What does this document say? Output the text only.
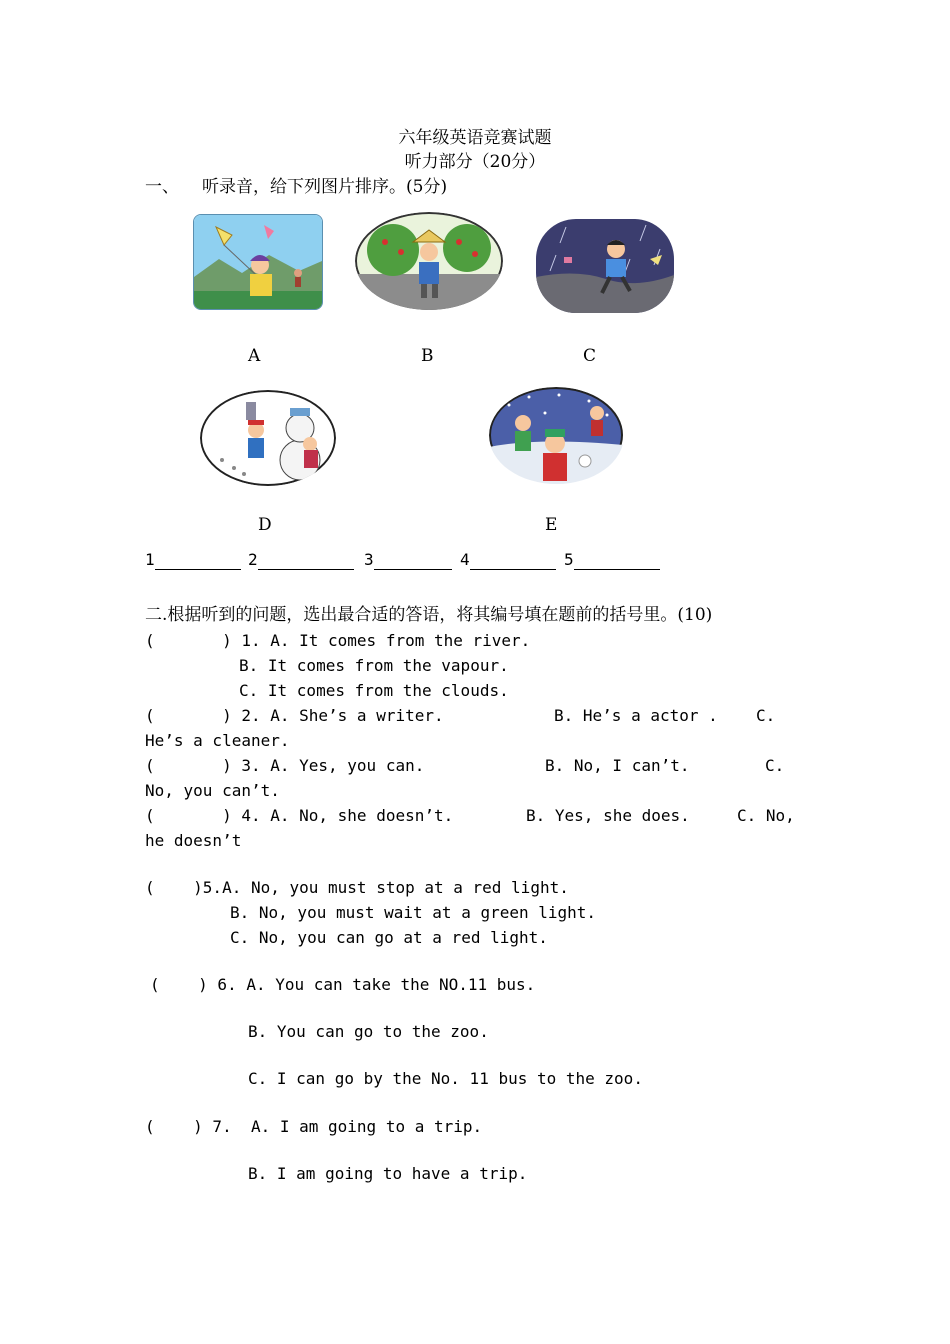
六年级英语竞赛试题
听力部分（20分）
一、 听录音，给下列图片排序。(5分)
A	B	C
D	E
1	2	3	4	5
二.根据听到的问题，选出最合适的答语，将其编号填在题前的括号里。(10)
(       ) 1. A. It comes from the river.
B. It comes from the vapour.
C. It comes from the clouds.
(       ) 2. A. She’s a writer.	B. He’s a actor . C.
He’s a cleaner.
(       ) 3. A. Yes, you can.	B. No, I can’t.	C.
No, you can’t.
(       ) 4. A. No, she doesn’t.	B. Yes, she does.	C. No,
he doesn’t
(    )5.A. No, you must stop at a red light.
B. No, you must wait at a green light.
C. No, you can go at a red light.
(    ) 6. A. You can take the NO.11 bus.
B. You can go to the zoo.
C. I can go by the No. 11 bus to the zoo.
(    ) 7.  A. I am going to a trip.
B. I am going to have a trip.
